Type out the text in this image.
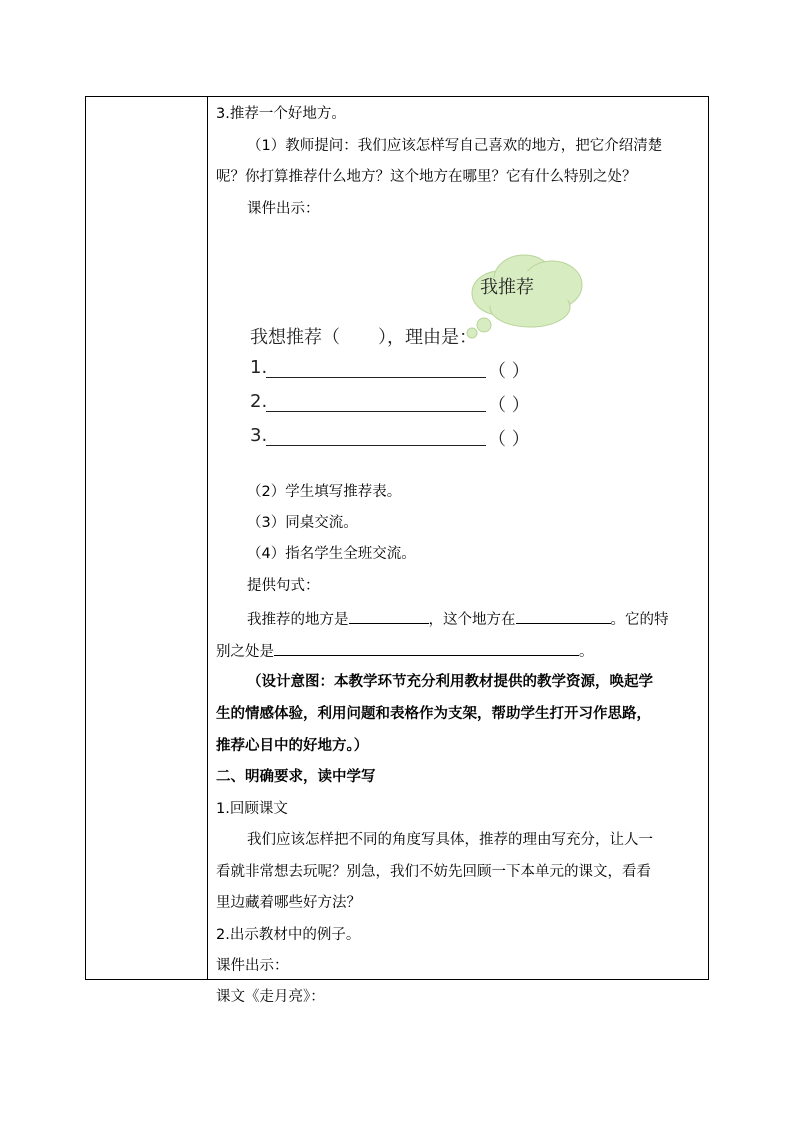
3.推荐一个好地方。
（1）教师提问：我们应该怎样写自己喜欢的地方，把它介绍清楚
呢？你打算推荐什么地方？这个地方在哪里？它有什么特别之处？
课件出示：
我推荐
我想推荐（ ），理由是：
1.	（ ）
2.	（ ）
3.	（ ）
（2）学生填写推荐表。
（3）同桌交流。
（4）指名学生全班交流。
提供句式：
我推荐的地方是	，这个地方在	。它的特
别之处是	。
（设计意图：本教学环节充分利用教材提供的教学资源，唤起学
生的情感体验，利用问题和表格作为支架，帮助学生打开习作思路，
推荐心目中的好地方。）
二、明确要求，读中学写
1.回顾课文
我们应该怎样把不同的角度写具体，推荐的理由写充分，让人一
看就非常想去玩呢？别急，我们不妨先回顾一下本单元的课文，看看
里边藏着哪些好方法？
2.出示教材中的例子。
课件出示：
课文《走月亮》：
